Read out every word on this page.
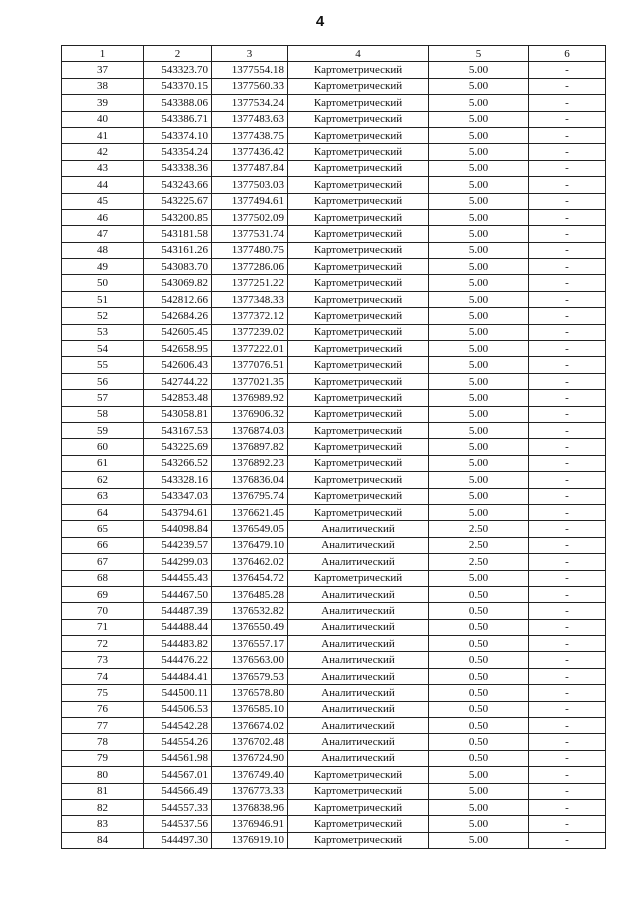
4
1	2	3	4	5	6
37	543323.70	1377554.18	Картометрический	5.00	-
38	543370.15	1377560.33	Картометрический	5.00	-
39	543388.06	1377534.24	Картометрический	5.00	-
40	543386.71	1377483.63	Картометрический	5.00	-
41	543374.10	1377438.75	Картометрический	5.00	-
42	543354.24	1377436.42	Картометрический	5.00	-
43	543338.36	1377487.84	Картометрический	5.00	-
44	543243.66	1377503.03	Картометрический	5.00	-
45	543225.67	1377494.61	Картометрический	5.00	-
46	543200.85	1377502.09	Картометрический	5.00	-
47	543181.58	1377531.74	Картометрический	5.00	-
48	543161.26	1377480.75	Картометрический	5.00	-
49	543083.70	1377286.06	Картометрический	5.00	-
50	543069.82	1377251.22	Картометрический	5.00	-
51	542812.66	1377348.33	Картометрический	5.00	-
52	542684.26	1377372.12	Картометрический	5.00	-
53	542605.45	1377239.02	Картометрический	5.00	-
54	542658.95	1377222.01	Картометрический	5.00	-
55	542606.43	1377076.51	Картометрический	5.00	-
56	542744.22	1377021.35	Картометрический	5.00	-
57	542853.48	1376989.92	Картометрический	5.00	-
58	543058.81	1376906.32	Картометрический	5.00	-
59	543167.53	1376874.03	Картометрический	5.00	-
60	543225.69	1376897.82	Картометрический	5.00	-
61	543266.52	1376892.23	Картометрический	5.00	-
62	543328.16	1376836.04	Картометрический	5.00	-
63	543347.03	1376795.74	Картометрический	5.00	-
64	543794.61	1376621.45	Картометрический	5.00	-
65	544098.84	1376549.05	Аналитический	2.50	-
66	544239.57	1376479.10	Аналитический	2.50	-
67	544299.03	1376462.02	Аналитический	2.50	-
68	544455.43	1376454.72	Картометрический	5.00	-
69	544467.50	1376485.28	Аналитический	0.50	-
70	544487.39	1376532.82	Аналитический	0.50	-
71	544488.44	1376550.49	Аналитический	0.50	-
72	544483.82	1376557.17	Аналитический	0.50	-
73	544476.22	1376563.00	Аналитический	0.50	-
74	544484.41	1376579.53	Аналитический	0.50	-
75	544500.11	1376578.80	Аналитический	0.50	-
76	544506.53	1376585.10	Аналитический	0.50	-
77	544542.28	1376674.02	Аналитический	0.50	-
78	544554.26	1376702.48	Аналитический	0.50	-
79	544561.98	1376724.90	Аналитический	0.50	-
80	544567.01	1376749.40	Картометрический	5.00	-
81	544566.49	1376773.33	Картометрический	5.00	-
82	544557.33	1376838.96	Картометрический	5.00	-
83	544537.56	1376946.91	Картометрический	5.00	-
84	544497.30	1376919.10	Картометрический	5.00	-
